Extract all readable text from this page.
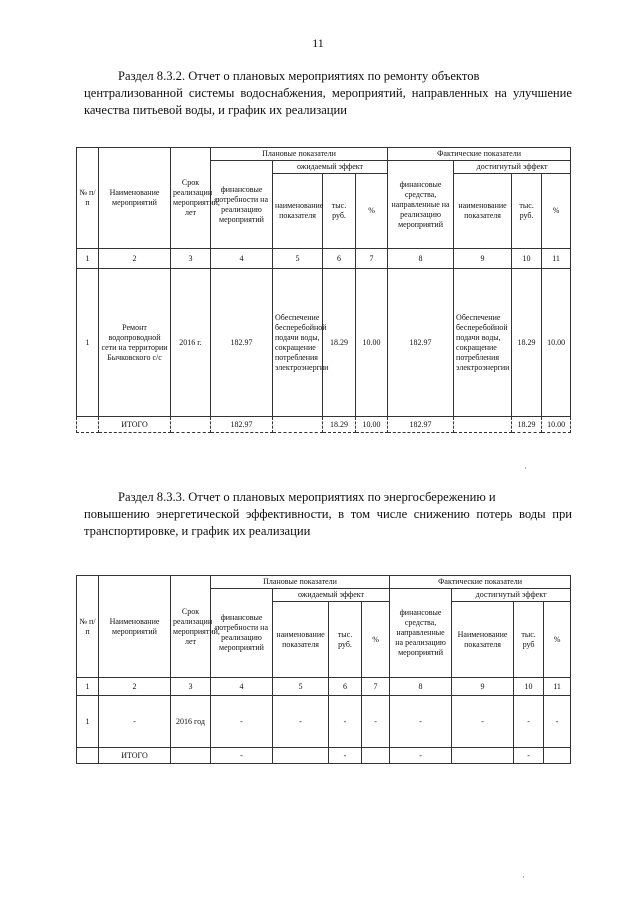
11
Раздел 8.3.2. Отчет о плановых мероприятиях по ремонту объектов
централизованной системы водоснабжения, мероприятий, направленных на улучшение качества питьевой воды, и график их реализации
№ п/п	Наименование мероприятий	Срок реализации мероприятий, лет	Плановые показатели				Фактические показатели			
			финансовые потребности на реализацию мероприятий	ожидаемый эффект			финансовые средства, направленные на реализацию мероприятий	достигнутый эффект		
				наименование показателя	тыс. руб.	%		наименование показателя	тыс. руб.	%
1	2	3	4	5	6	7	8	9	10	11
1	Ремонт водопроводной сети на территории Бычковского с/с	2016 г.	182.97	Обеспечение бесперебойной подачи воды, сокращение потребления электроэнергии	18.29	10.00	182.97	Обеспечение бесперебойной подачи воды, сокращение потребления электроэнергии	18.29	10.00
	ИТОГО		182.97		18.29	10.00	182.97		18.29	10.00
·
Раздел 8.3.3. Отчет о плановых мероприятиях по энергосбережению и
повышению энергетической эффективности, в том числе снижению потерь воды при транспортировке, и график их реализации
№ п/ п	Наименование мероприятий	Срок реализации мероприятий, лет	Плановые показатели				Фактические показатели			
			финансовые потребности на реализацию мероприятий	ожидаемый эффект			финансовые средства, направленные на реализацию мероприятий	достигнутый эффект		
				наименование показателя	тыс. руб.	%		Наименование показателя	тыс. руб	%
1	2	3	4	5	6	7	8	9	10	11
1	-	2016 год	-	-	-	-	-	-	-	-
	ИТОГО		-		-		-		-	
·
